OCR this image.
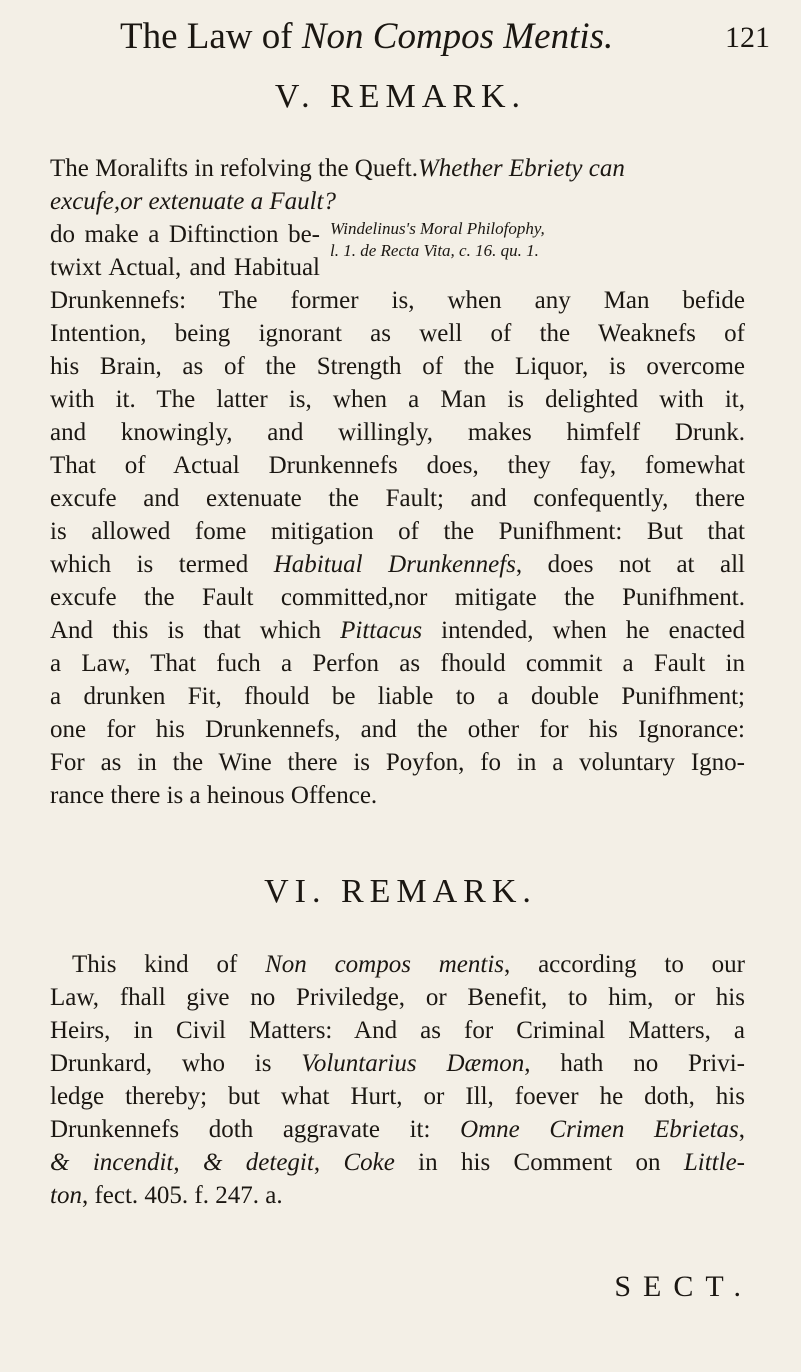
The Law of Non Compos Mentis.	121
V. REMARK.
The Moralifts in refolving the Queft.Whether Ebriety can
excufe,or extenuate a Fault?
do make a Diftinction be-
twixt Actual, and Habitual
Windelinus's Moral Philofophy,
l. 1. de Recta Vita, c. 16. qu. 1.
Drunkennefs: The former is, when any Man befide
Intention, being ignorant as well of the Weaknefs of
his Brain, as of the Strength of the Liquor, is overcome
with it. The latter is, when a Man is delighted with it,
and knowingly, and willingly, makes himfelf Drunk.
That of Actual Drunkennefs does, they fay, fomewhat
excufe and extenuate the Fault; and confequently, there
is allowed fome mitigation of the Punifhment: But that
which is termed Habitual Drunkennefs, does not at all
excufe the Fault committed,nor mitigate the Punifhment.
And this is that which Pittacus intended, when he enacted
a Law, That fuch a Perfon as fhould commit a Fault in
a drunken Fit, fhould be liable to a double Punifhment;
one for his Drunkennefs, and the other for his Ignorance:
For as in the Wine there is Poyfon, fo in a voluntary Igno-
rance there is a heinous Offence.
VI. REMARK.
This kind of Non compos mentis, according to our
Law, fhall give no Priviledge, or Benefit, to him, or his
Heirs, in Civil Matters: And as for Criminal Matters, a
Drunkard, who is Voluntarius Dæmon, hath no Privi-
ledge thereby; but what Hurt, or Ill, foever he doth, his
Drunkennefs doth aggravate it: Omne Crimen Ebrietas,
& incendit, & detegit, Coke in his Comment on Little-
ton, fect. 405. f. 247. a.
SECT.
